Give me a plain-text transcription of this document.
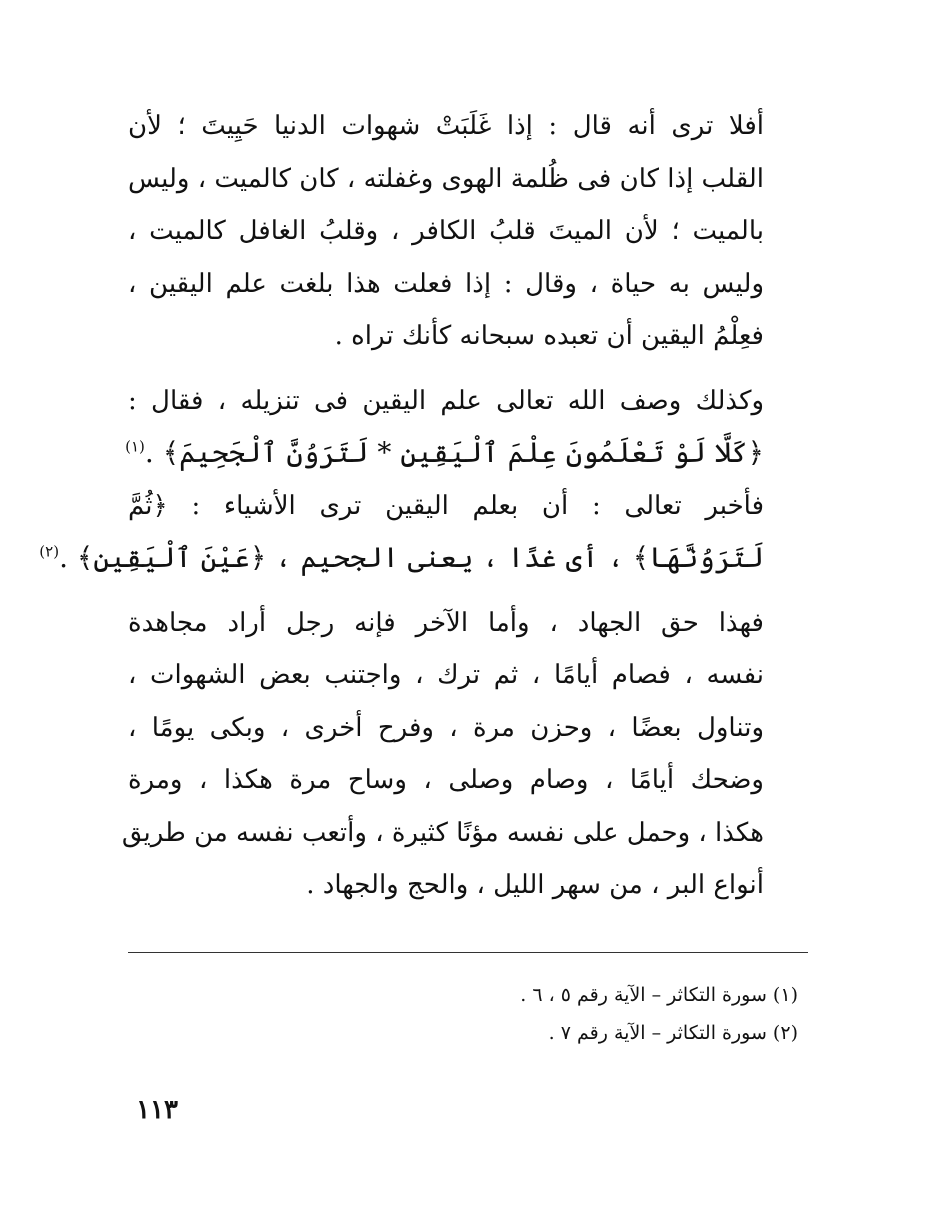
أفلا ترى أنه قال : إذا غَلَبَتْ شهوات الدنيا حَيِيتَ ؛ لأن
القلب إذا كان فى ظُلمة الهوى وغفلته ، كان كالميت ، وليس
بالميت ؛ لأن الميتَ قلبُ الكافر ، وقلبُ الغافل كالميت ،
وليس به حياة ، وقال : إذا فعلت هذا بلغت علم اليقين ،
فعِلْمُ اليقين أن تعبده سبحانه كأنك تراه .

وكذلك وصف الله تعالى علم اليقين فى تنزيله ، فقال :
﴿كَلَّا لَوْ تَعْلَمُونَ عِلْمَ ٱلْيَقِينِ * لَتَرَوُنَّ ٱلْجَحِيمَ﴾ .$^{(١)}$
فأخبر تعالى : أن بعلم اليقين ترى الأشياء : ﴿ثُمَّ
لَتَرَوُنَّهَا﴾ ، أى غدًا ، يعنى الجحيم ، ﴿عَيْنَ ٱلْيَقِينِ﴾ .$^{(٢)}$

فهذا حق الجهاد ، وأما الآخر فإنه رجل أراد مجاهدة
نفسه ، فصام أيامًا ، ثم ترك ، واجتنب بعض الشهوات ،
وتناول بعضًا ، وحزن مرة ، وفرح أخرى ، وبكى يومًا ،
وضحك أيامًا ، وصام وصلى ، وساح مرة هكذا ، ومرة
هكذا ، وحمل على نفسه مؤنًا كثيرة ، وأتعب نفسه من طريق
أنواع البر ، من سهر الليل ، والحج والجهاد .

(١) سورة التكاثر – الآية رقم ٥ ، ٦ .
(٢) سورة التكاثر – الآية رقم ٧ .
١١٣
